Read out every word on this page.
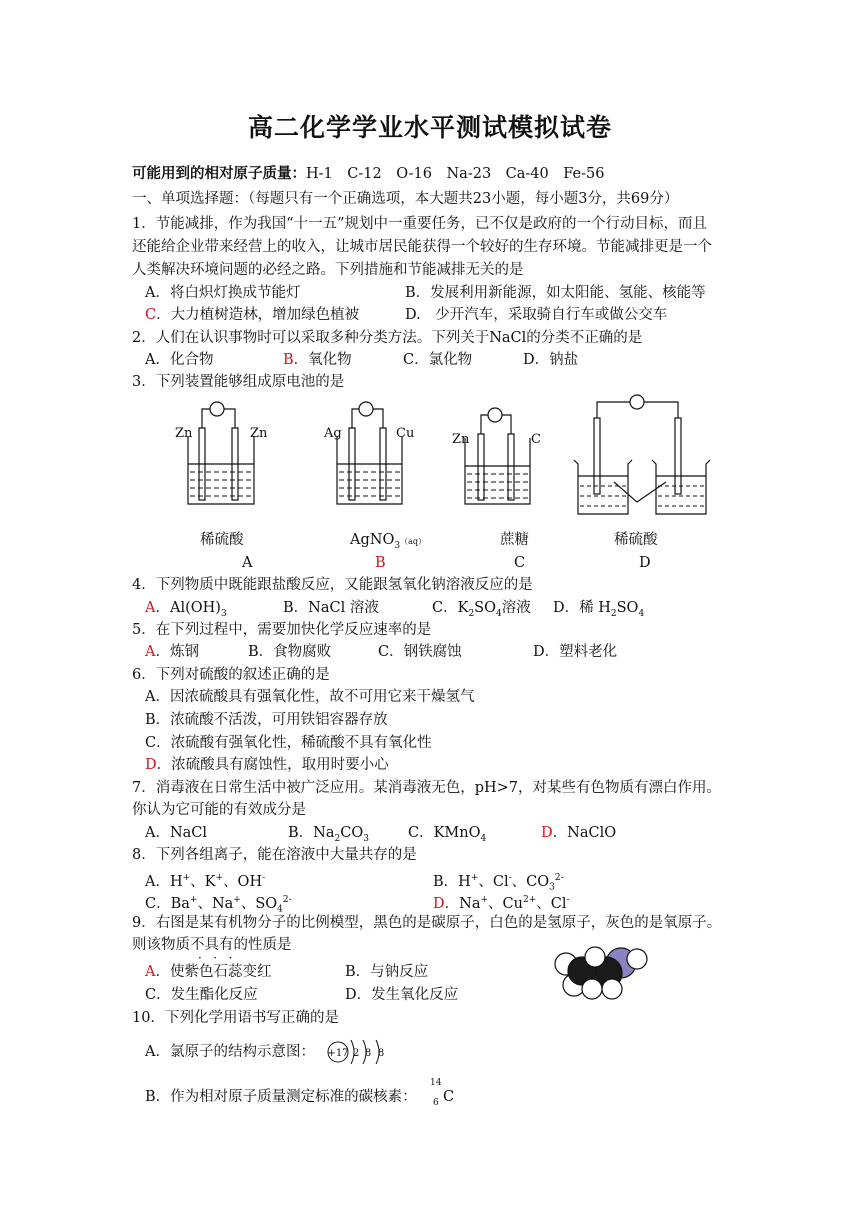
高二化学学业水平测试模拟试卷
可能用到的相对原子质量：H-1　C-12　O-16　Na-23　Ca-40　Fe-56
一、单项选择题：（每题只有一个正确选项，本大题共23小题，每小题3分，共69分）
1．节能减排，作为我国“十一五”规划中一重要任务，已不仅是政府的一个行动目标，而且
还能给企业带来经营上的收入，让城市居民能获得一个较好的生存环境。节能减排更是一个
人类解决环境问题的必经之路。下列措施和节能减排无关的是
A．将白炽灯换成节能灯	B．发展利用新能源，如太阳能、氢能、核能等
C．大力植树造林，增加绿色植被	D.　少开汽车，采取骑自行车或做公交车
2．人们在认识事物时可以采取多种分类方法。下列关于NaCl的分类不正确的是
A．化合物	B．氧化物	C．氯化物	D．钠盐
3．下列装置能够组成原电池的是
Zn	Zn	Ag	Cu	Zn	C
稀硫酸	AgNO$_3$（aq）	蔗糖	稀硫酸
A	B	C	D
4．下列物质中既能跟盐酸反应，又能跟氢氧化钠溶液反应的是
A．$Al(OH)_3$	B．NaCl 溶液	C．$K_2SO_4$溶液 D．稀 $H_2SO_4$
5．在下列过程中，需要加快化学反应速率的是
A．炼钢	B．食物腐败	C．钢铁腐蚀	D．塑料老化
6．下列对硫酸的叙述正确的是
A．因浓硫酸具有强氧化性，故不可用它来干燥氢气
B．浓硫酸不活泼，可用铁铝容器存放
C．浓硫酸有强氧化性，稀硫酸不具有氧化性
D．浓硫酸具有腐蚀性，取用时要小心
7．消毒液在日常生活中被广泛应用。某消毒液无色，pH>7，对某些有色物质有漂白作用。
你认为它可能的有效成分是
A．NaCl	B．$Na_2CO_3$	C．KMnO$_4$	D．NaClO
8．下列各组离子，能在溶液中大量共存的是
A．H+、K+、OH-	B．H+、Cl-、$CO_3^{2-}$
C．Ba+、Na+、$SO_4^{2-}$	D．Na+、$Cu^{2+}$、Cl-
9．右图是某有机物分子的比例模型，黑色的是碳原子，白色的是氢原子，灰色的是氧原子。
则该物质不具有的性质是
·   ·   ·
A．使紫色石蕊变红	B．与钠反应
C．发生酯化反应	D．发生氧化反应
10．下列化学用语书写正确的是
A．氯原子的结构示意图： +17 2 8 8
B．作为相对原子质量测定标准的碳核素：
14
6 C
